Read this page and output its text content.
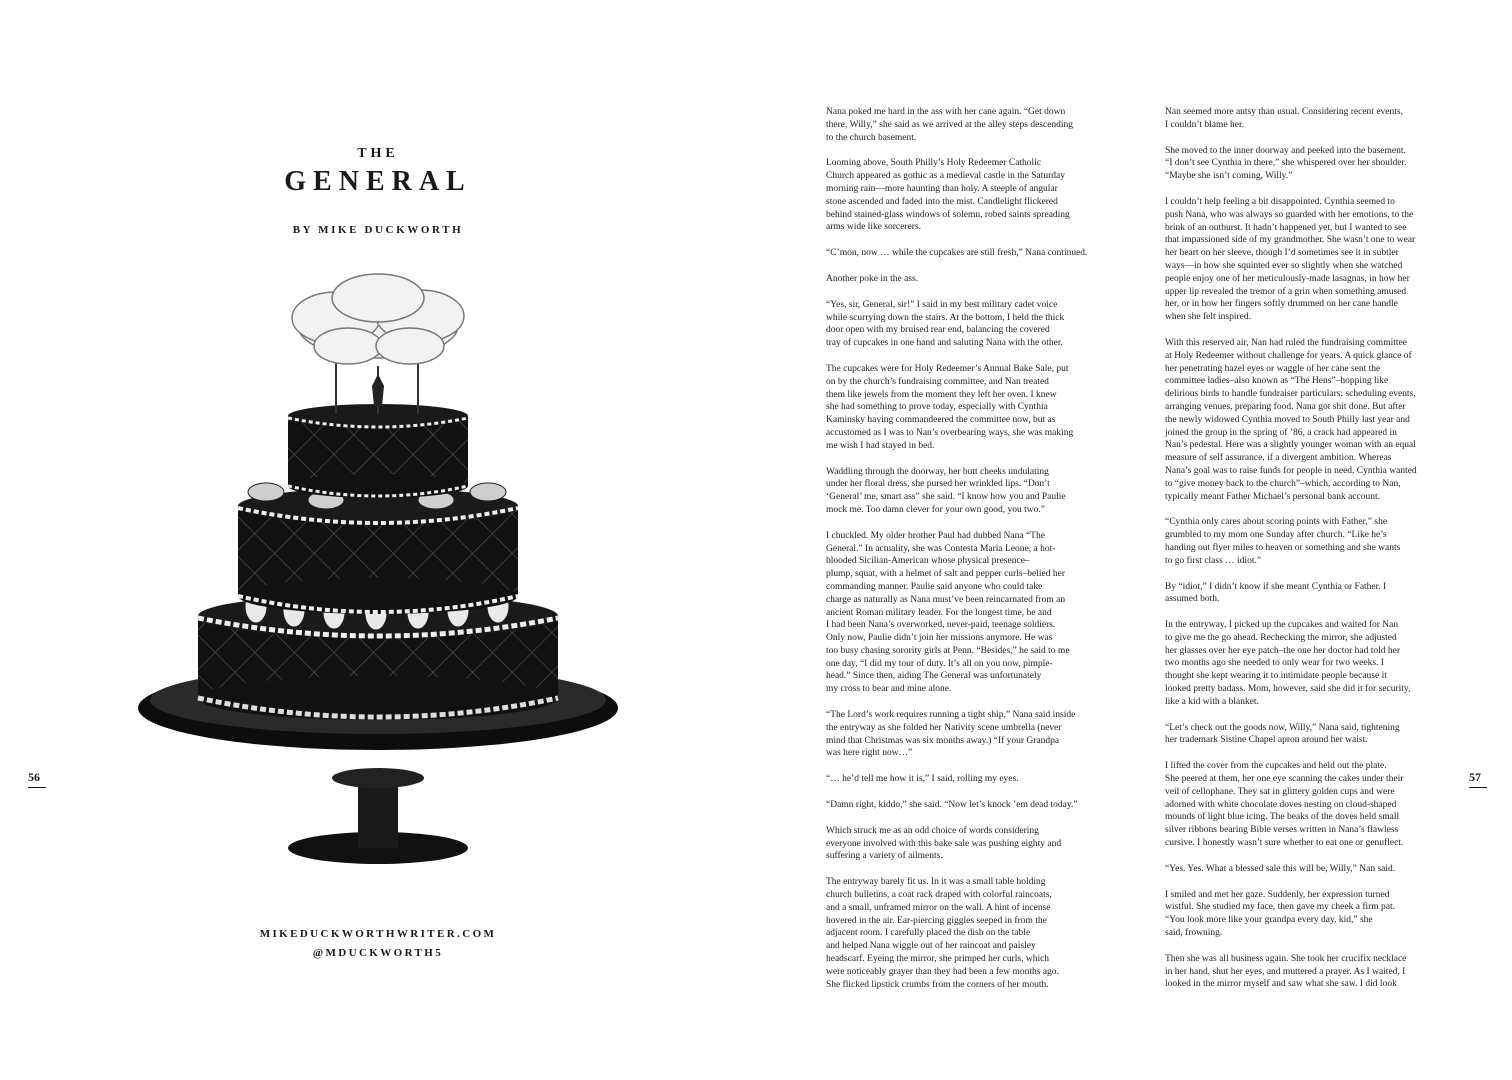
THE
GENERAL
BY MIKE DUCKWORTH
MIKEDUCKWORTHWRITER.COM
@MDUCKWORTH5
56

Nana poked me hard in the ass with her cane again. “Get down
there, Willy,” she said as we arrived at the alley steps descending
to the church basement.

Looming above, South Philly’s Holy Redeemer Catholic
Church appeared as gothic as a medieval castle in the Saturday
morning rain—more haunting than holy. A steeple of angular
stone ascended and faded into the mist. Candlelight flickered
behind stained-glass windows of solemn, robed saints spreading
arms wide like sorcerers.

“C’mon, now … while the cupcakes are still fresh,” Nana continued.

Another poke in the ass.

“Yes, sir, General, sir!” I said in my best military cadet voice
while scurrying down the stairs. At the bottom, I held the thick
door open with my bruised rear end, balancing the covered
tray of cupcakes in one hand and saluting Nana with the other.

The cupcakes were for Holy Redeemer’s Annual Bake Sale, put
on by the church’s fundraising committee, and Nan treated
them like jewels from the moment they left her oven. I knew
she had something to prove today, especially with Cynthia
Kaminsky having commandeered the committee now, but as
accustomed as I was to Nan’s overbearing ways, she was making
me wish I had stayed in bed.

Waddling through the doorway, her butt cheeks undulating
under her floral dress, she pursed her wrinkled lips. “Don’t
‘General’ me, smart ass” she said. “I know how you and Paulie
mock me. Too damn clever for your own good, you two.”

I chuckled. My older brother Paul had dubbed Nana “The
General.” In actuality, she was Contesta Maria Leone, a hot-
blooded Sicilian-American whose physical presence–
plump, squat, with a helmet of salt and pepper curls–belied her
commanding manner. Paulie said anyone who could take
charge as naturally as Nana must’ve been reincarnated from an
ancient Roman military leader. For the longest time, he and
I had been Nana’s overworked, never-paid, teenage soldiers.
Only now, Paulie didn’t join her missions anymore. He was
too busy chasing sorority girls at Penn. “Besides,” he said to me
one day, “I did my tour of duty. It’s all on you now, pimple-
head.” Since then, aiding The General was unfortunately
my cross to bear and mine alone.

“The Lord’s work requires running a tight ship,” Nana said inside
the entryway as she folded her Nativity scene umbrella (never
mind that Christmas was six months away.) “If your Grandpa
was here right now…”

“… he’d tell me how it is,” I said, rolling my eyes.

“Damn right, kiddo,” she said. “Now let’s knock ’em dead today.”

Which struck me as an odd choice of words considering
everyone involved with this bake sale was pushing eighty and
suffering a variety of ailments.

The entryway barely fit us. In it was a small table holding
church bulletins, a coat rack draped with colorful raincoats,
and a small, unframed mirror on the wall. A hint of incense
hovered in the air. Ear-piercing giggles seeped in from the
adjacent room. I carefully placed the dish on the table
and helped Nana wiggle out of her raincoat and paisley
headscarf. Eyeing the mirror, she primped her curls, which
were noticeably grayer than they had been a few months ago.
She flicked lipstick crumbs from the corners of her mouth.

Nan seemed more antsy than usual. Considering recent events,
I couldn’t blame her.

She moved to the inner doorway and peeked into the basement.
“I don’t see Cynthia in there,” she whispered over her shoulder.
“Maybe she isn’t coming, Willy.”

I couldn’t help feeling a bit disappointed. Cynthia seemed to
push Nana, who was always so guarded with her emotions, to the
brink of an outburst. It hadn’t happened yet, but I wanted to see
that impassioned side of my grandmother. She wasn’t one to wear
her heart on her sleeve, though I’d sometimes see it in subtler
ways—in how she squinted ever so slightly when she watched
people enjoy one of her meticulously-made lasagnas, in how her
upper lip revealed the tremor of a grin when something amused
her, or in how her fingers softly drummed on her cane handle
when she felt inspired.

With this reserved air, Nan had ruled the fundraising committee
at Holy Redeemer without challenge for years. A quick glance of
her penetrating hazel eyes or waggle of her cane sent the
committee ladies–also known as “The Hens”–hopping like
delirious birds to handle fundraiser particulars: scheduling events,
arranging venues, preparing food. Nana got shit done. But after
the newly widowed Cynthia moved to South Philly last year and
joined the group in the spring of ’86, a crack had appeared in
Nan’s pedestal. Here was a slightly younger woman with an equal
measure of self assurance, if a divergent ambition. Whereas
Nana’s goal was to raise funds for people in need, Cynthia wanted
to “give money back to the church”–which, according to Nan,
typically meant Father Michael’s personal bank account.

“Cynthia only cares about scoring points with Father,” she
grumbled to my mom one Sunday after church. “Like he’s
handing out flyer miles to heaven or something and she wants
to go first class … idiot.”

By “idiot,” I didn’t know if she meant Cynthia or Father. I
assumed both.

In the entryway, I picked up the cupcakes and waited for Nan
to give me the go ahead. Rechecking the mirror, she adjusted
her glasses over her eye patch–the one her doctor had told her
two months ago she needed to only wear for two weeks. I
thought she kept wearing it to intimidate people because it
looked pretty badass. Mom, however, said she did it for security,
like a kid with a blanket.

“Let’s check out the goods now, Willy,” Nana said, tightening
her trademark Sistine Chapel apron around her waist.

I lifted the cover from the cupcakes and held out the plate.
She peered at them, her one eye scanning the cakes under their
veil of cellophane. They sat in glittery golden cups and were
adorned with white chocolate doves nesting on cloud-shaped
mounds of light blue icing. The beaks of the doves held small
silver ribbons bearing Bible verses written in Nana’s flawless
cursive. I honestly wasn’t sure whether to eat one or genuflect.

“Yes. Yes. What a blessed sale this will be, Willy,” Nan said.

I smiled and met her gaze. Suddenly, her expression turned
wistful. She studied my face, then gave my cheek a firm pat.
“You look more like your grandpa every day, kid,” she
said, frowning.

Then she was all business again. She took her crucifix necklace
in her hand, shut her eyes, and muttered a prayer. As I waited, I
looked in the mirror myself and saw what she saw. I did look

57
